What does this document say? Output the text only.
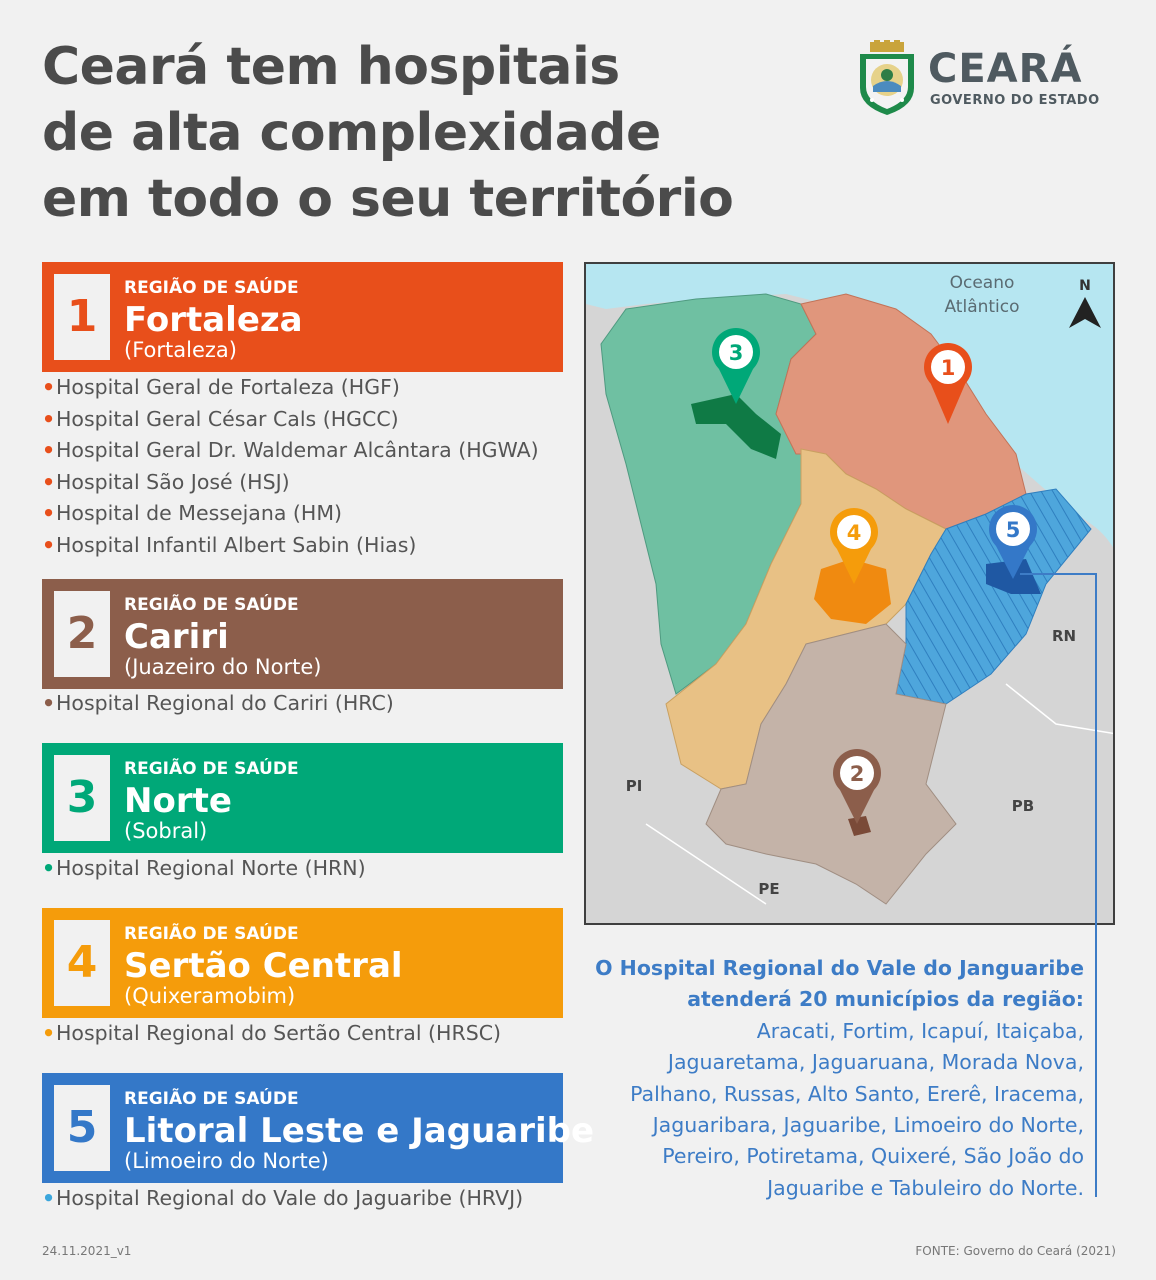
Ceará tem hospitais
de alta complexidade
em todo o seu território
CEARÁ
GOVERNO DO ESTADO
1
REGIÃO DE SAÚDE
Fortaleza
(Fortaleza)
•Hospital Geral de Fortaleza (HGF)
•Hospital Geral César Cals (HGCC)
•Hospital Geral Dr. Waldemar Alcântara (HGWA)
•Hospital São José (HSJ)
•Hospital de Messejana (HM)
•Hospital Infantil Albert Sabin (Hias)
2
REGIÃO DE SAÚDE
Cariri
(Juazeiro do Norte)
•Hospital Regional do Cariri (HRC)
3
REGIÃO DE SAÚDE
Norte
(Sobral)
•Hospital Regional Norte (HRN)
4
REGIÃO DE SAÚDE
Sertão Central
(Quixeramobim)
•Hospital Regional do Sertão Central (HRSC)
5
REGIÃO DE SAÚDE
Litoral Leste e Jaguaribe
(Limoeiro do Norte)
•Hospital Regional do Vale do Jaguaribe (HRVJ)
1
3
4	5
2
Oceano
Atlântico
N
PI
PE
PB
RN
O Hospital Regional do Vale do Janguaribe
atenderá 20 municípios da região:
Aracati, Fortim, Icapuí, Itaiçaba,
Jaguaretama, Jaguaruana, Morada Nova,
Palhano, Russas, Alto Santo, Ererê, Iracema,
Jaguaribara, Jaguaribe, Limoeiro do Norte,
Pereiro, Potiretama, Quixeré, São João do
Jaguaribe e Tabuleiro do Norte.
24.11.2021_v1	FONTE: Governo do Ceará (2021)
